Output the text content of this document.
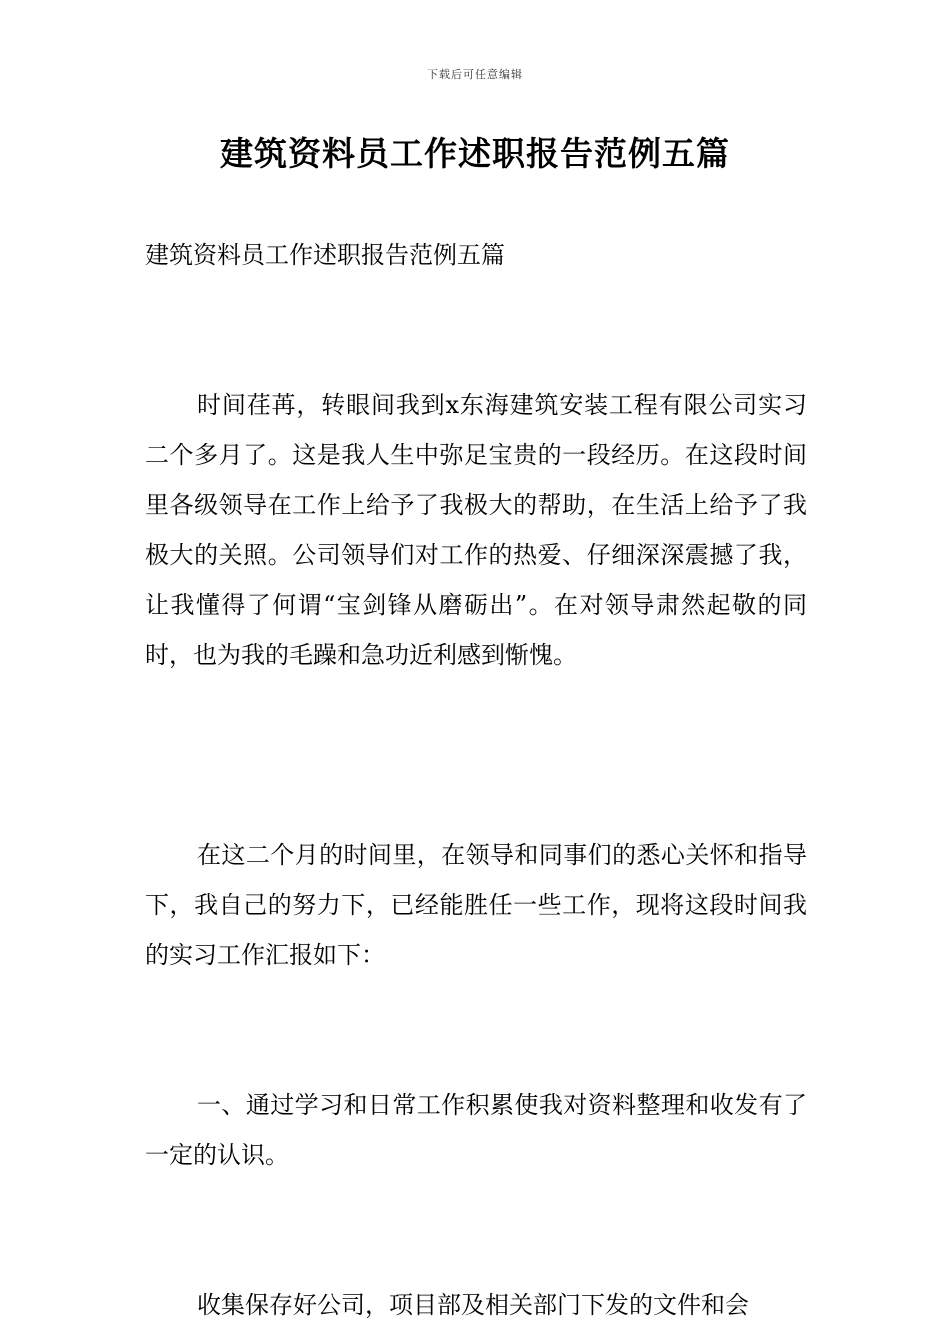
下载后可任意编辑
建筑资料员工作述职报告范例五篇

建筑资料员工作述职报告范例五篇

时间荏苒，转眼间我到x东海建筑安装工程有限公司实习二个多月了。这是我人生中弥足宝贵的一段经历。在这段时间里各级领导在工作上给予了我极大的帮助，在生活上给予了我极大的关照。公司领导们对工作的热爱、仔细深深震撼了我，让我懂得了何谓“宝剑锋从磨砺出”。在对领导肃然起敬的同时，也为我的毛躁和急功近利感到惭愧。

在这二个月的时间里，在领导和同事们的悉心关怀和指导下，我自己的努力下，已经能胜任一些工作，现将这段时间我的实习工作汇报如下：

一、通过学习和日常工作积累使我对资料整理和收发有了一定的认识。

收集保存好公司，项目部及相关部门下发的文件和会
